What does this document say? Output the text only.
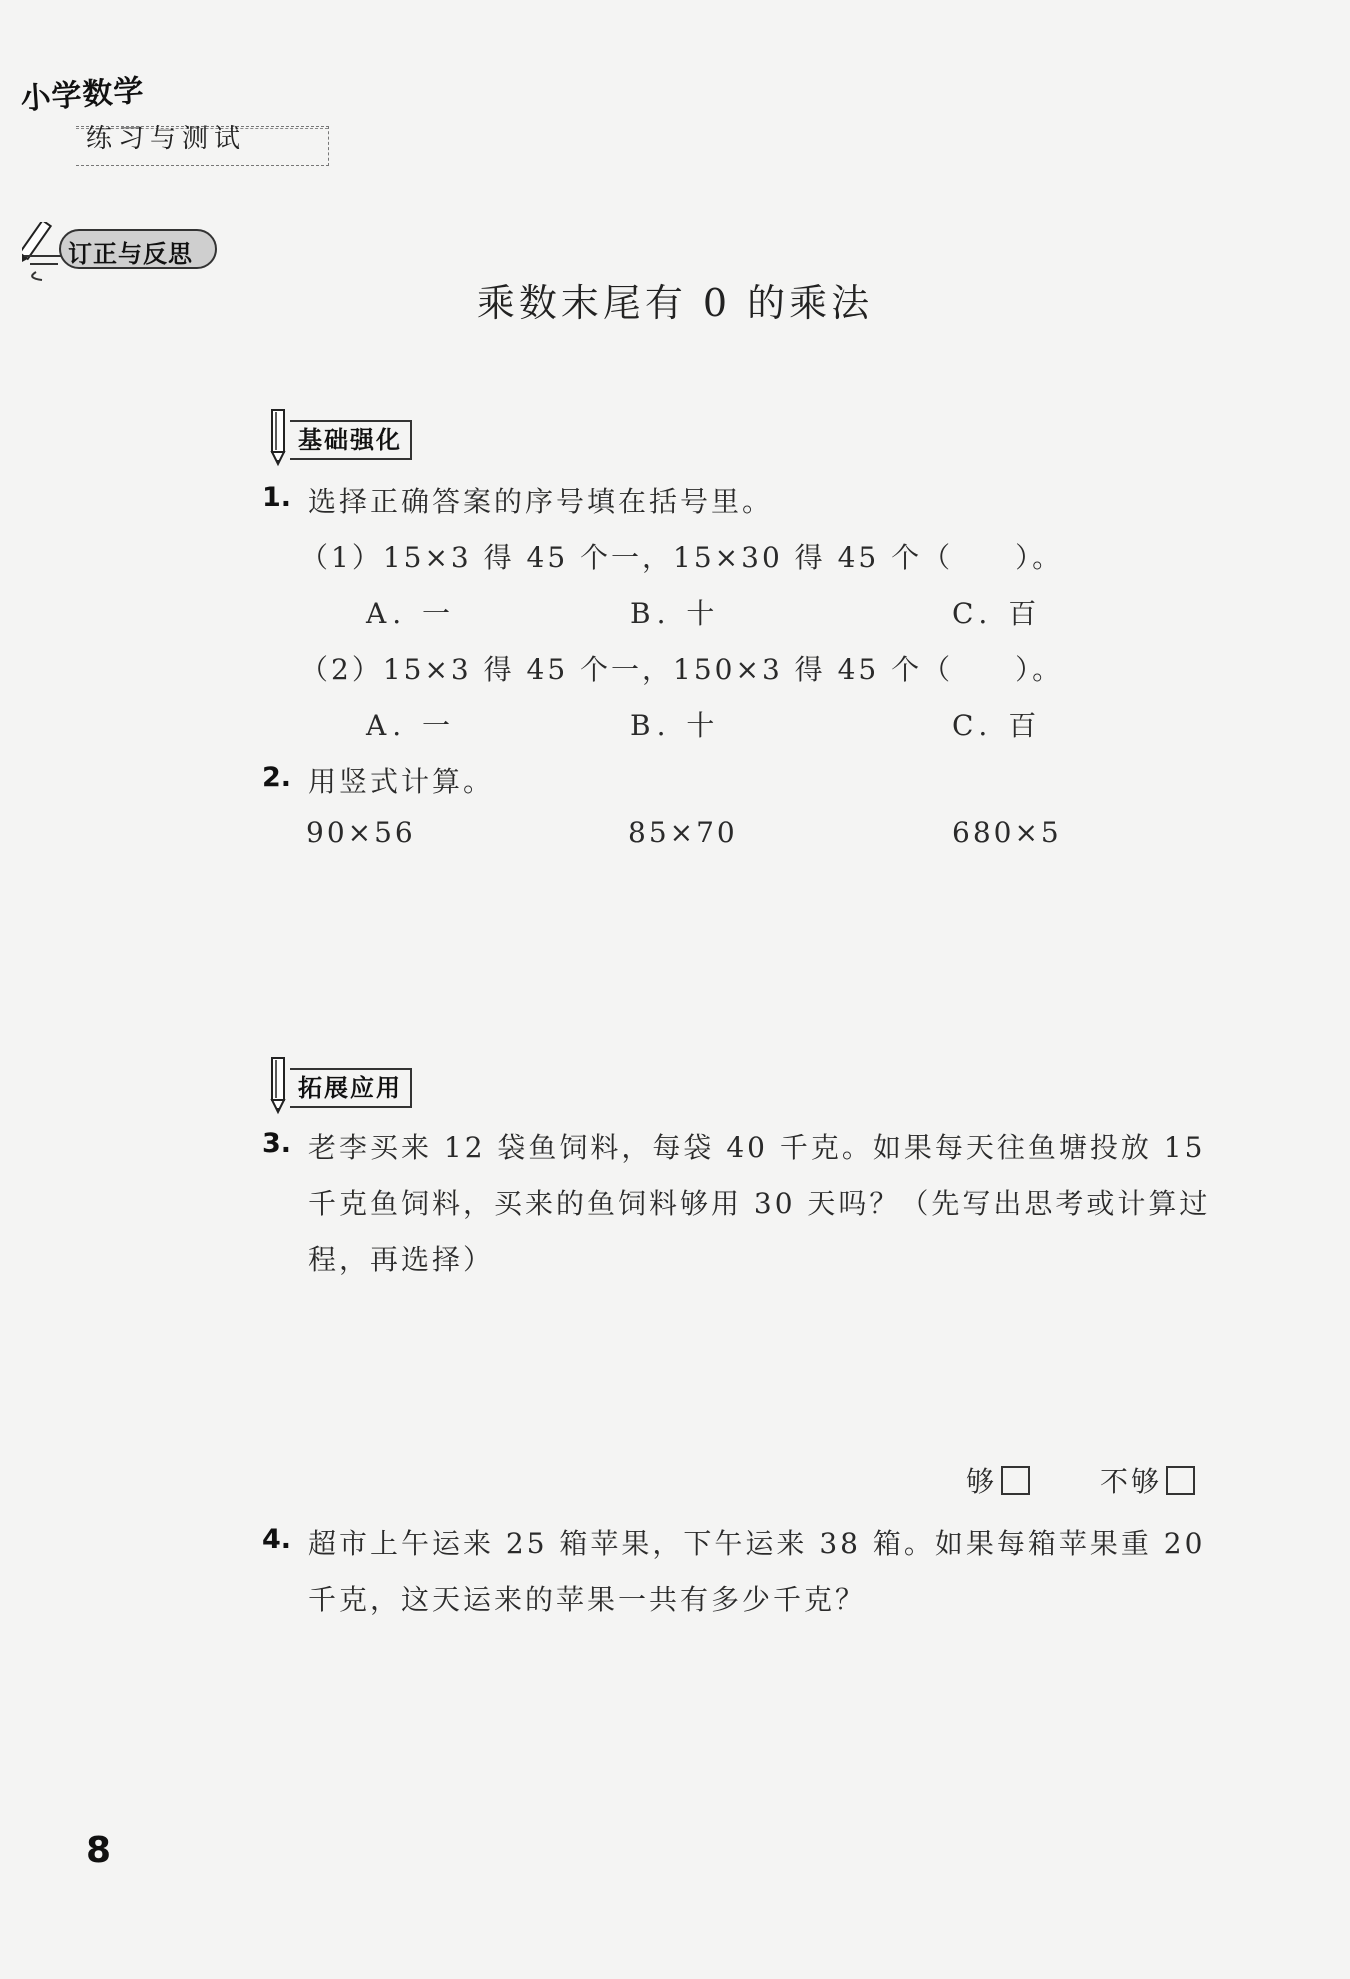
小学数学
练习与测试
订正与反思
乘数末尾有 0 的乘法
基础强化
1. 选择正确答案的序号填在括号里。
（1）15×3 得 45 个一，15×30 得 45 个（　　）。
A. 一	B. 十	C. 百
（2）15×3 得 45 个一，150×3 得 45 个（　　）。
A. 一	B. 十	C. 百
2. 用竖式计算。
90×56	85×70	680×5
拓展应用
3. 老李买来 12 袋鱼饲料，每袋 40 千克。如果每天往鱼塘投放 15
千克鱼饲料，买来的鱼饲料够用 30 天吗？（先写出思考或计算过
程，再选择）
够	不够
4. 超市上午运来 25 箱苹果，下午运来 38 箱。如果每箱苹果重 20
千克，这天运来的苹果一共有多少千克？
8
